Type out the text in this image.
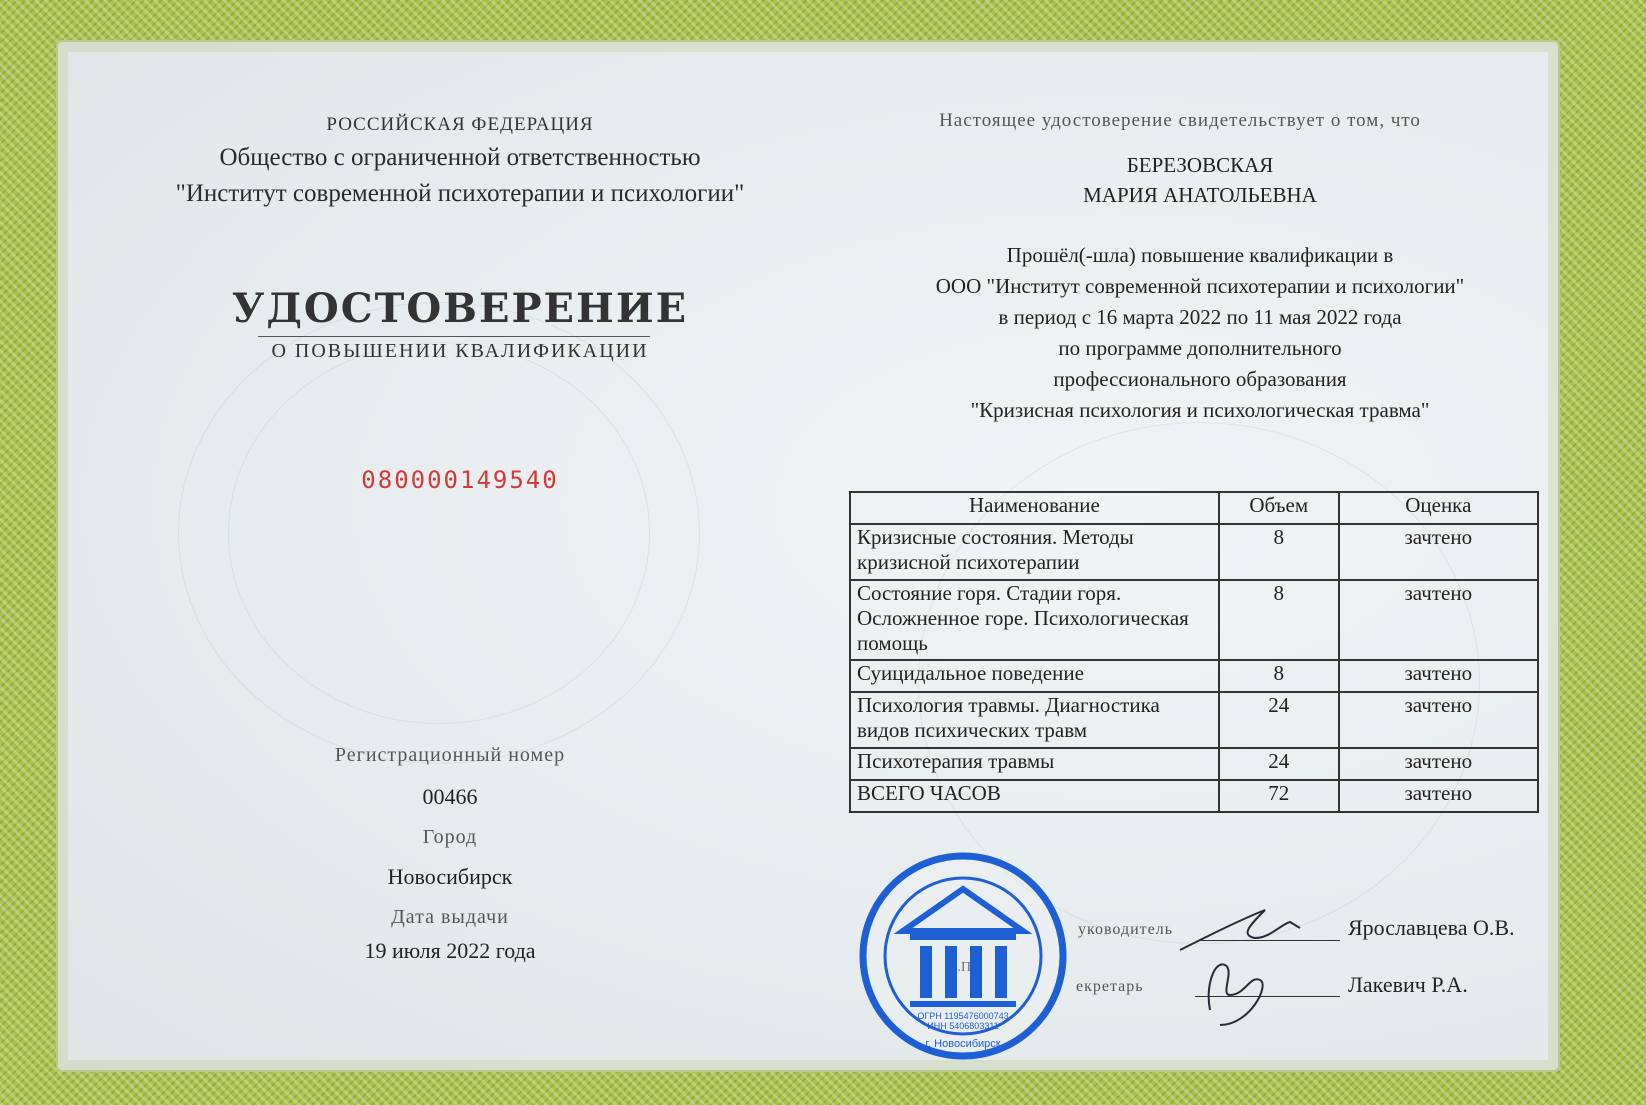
РОССИЙСКАЯ ФЕДЕРАЦИЯ
Общество с ограниченной ответственностью
"Институт современной психотерапии и психологии"
УДОСТОВЕРЕНИЕ
О ПОВЫШЕНИИ КВАЛИФИКАЦИИ
080000149540
Регистрационный номер
00466
Город
Новосибирск
Дата выдачи
19 июля 2022 года
Настоящее удостоверение свидетельствует о том, что
БЕРЕЗОВСКАЯ
МАРИЯ АНАТОЛЬЕВНА
Прошёл(-шла) повышение квалификации в
ООО "Институт современной психотерапии и психологии"
в период с 16 марта 2022 по 11 мая 2022 года
по программе дополнительного
профессионального образования
"Кризисная психология и психологическая травма"
Наименование	Объем	Оценка
Кризисные состояния. Методы кризисной психотерапии	8	зачтено
Состояние горя. Стадии горя. Осложненное горе. Психологическая помощь	8	зачтено
Суицидальное поведение	8	зачтено
Психология травмы. Диагностика видов психических травм	24	зачтено
Психотерапия травмы	24	зачтено
ВСЕГО ЧАСОВ	72	зачтено
уководитель	Ярославцева О.В.
екретарь	Лакевич Р.А.
ОГРН 1195476000743
ИНН 5406803311
г. Новосибирск
